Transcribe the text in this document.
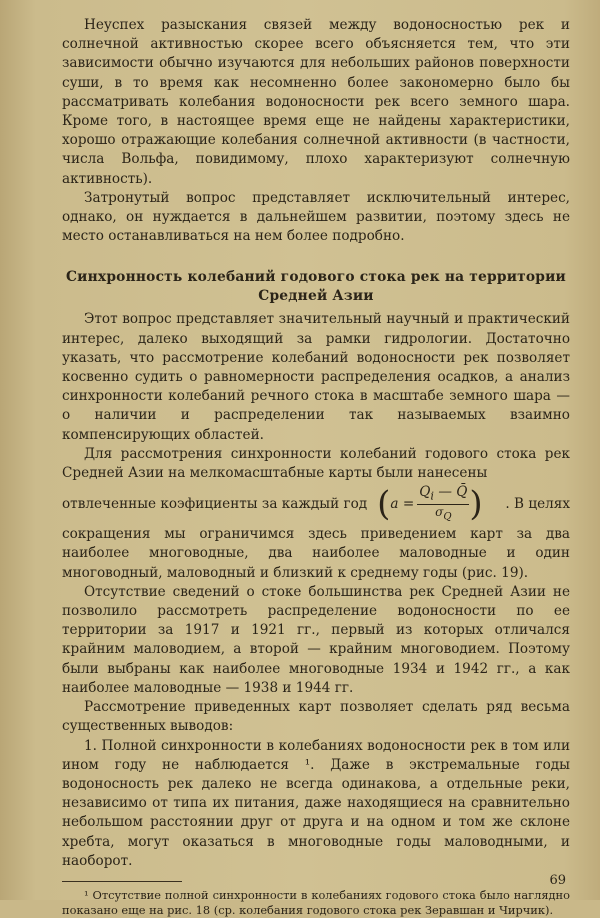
Неуспех разыскания связей между водоносностью рек и солнечной активностью скорее всего объясняется тем, что эти зависимости обычно изучаются для небольших районов поверхности суши, в то время как несомненно более закономерно было бы рассматривать колебания водоносности рек всего земного шара. Кроме того, в настоящее время еще не найдены характеристики, хорошо отражающие колебания солнечной активности (в частности, числа Вольфа, повидимому, плохо характеризуют солнечную активность).

Затронутый вопрос представляет исключительный интерес, однако, он нуждается в дальнейшем развитии, поэтому здесь не место останавливаться на нем более подробно.

Синхронность колебаний годового стока рек на территории Средней Азии

Этот вопрос представляет значительный научный и практический интерес, далеко выходящий за рамки гидрологии. Достаточно указать, что рассмотрение колебаний водоносности рек позволяет косвенно судить о равномерности распределения осадков, а анализ синхронности колебаний речного стока в масштабе земного шара — о наличии и распределении так называемых взаимно компенсирующих областей.

Для рассмотрения синхронности колебаний годового стока рек Средней Азии на мелкомасштабные карты были нанесены

отвлеченные коэфициенты за каждый год ( $a = \frac{Q_i — Q̄}{\sigma_Q}$ )	. В целях

сокращения мы ограничимся здесь приведением карт за два наиболее многоводные, два наиболее маловодные и один многоводный, маловодный и близкий к среднему годы (рис. 19).

Отсутствие сведений о стоке большинства рек Средней Азии не позволило рассмотреть распределение водоносности по ее территории за 1917 и 1921 гг., первый из которых отличался крайним маловодием, а второй — крайним многоводием. Поэтому были выбраны как наиболее многоводные 1934 и 1942 гг., а как наиболее маловодные — 1938 и 1944 гг.

Рассмотрение приведенных карт позволяет сделать ряд весьма существенных выводов:

1. Полной синхронности в колебаниях водоносности рек в том или ином году не наблюдается ¹. Даже в экстремальные годы водоносность рек далеко не всегда одинакова, а отдельные реки, независимо от типа их питания, даже находящиеся на сравнительно небольшом расстоянии друг от друга и на одном и том же склоне хребта, могут оказаться в многоводные годы маловодными, и наоборот.

¹ Отсутствие полной синхронности в колебаниях годового стока было наглядно показано еще на рис. 18 (ср. колебания годового стока рек Зеравшан и Чирчик).
69
